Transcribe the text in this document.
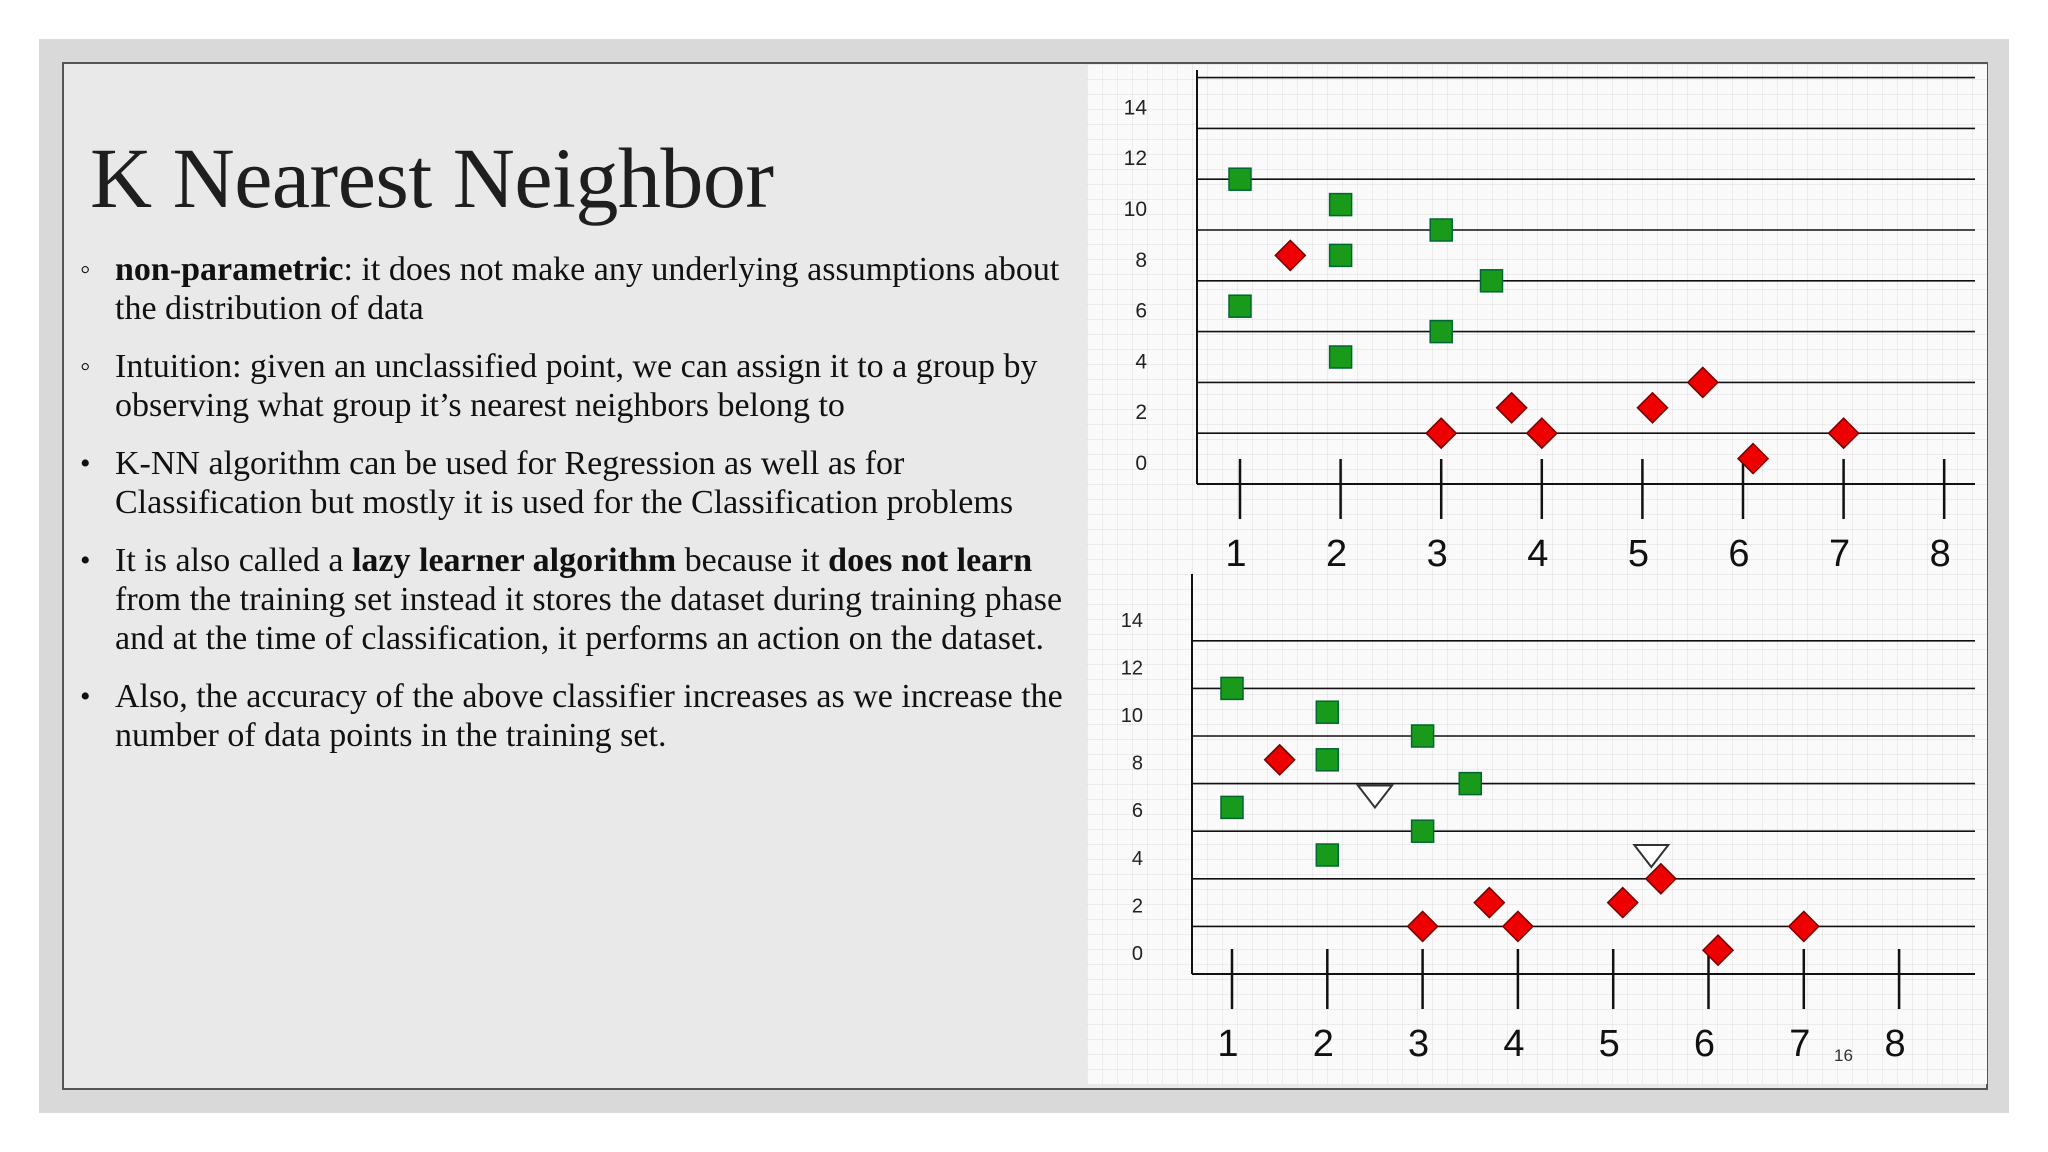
K Nearest Neighbor
◦ non-parametric: it does not make any underlying assumptions about the distribution of data
◦ Intuition: given an unclassified point, we can assign it to a group by observing what group it’s nearest neighbors belong to
• K-NN algorithm can be used for Regression as well as for Classification but mostly it is used for the Classification problems
• It is also called a lazy learner algorithm because it does not learn from the training set instead it stores the dataset during training phase and at the time of classification, it performs an action on the dataset.
• Also, the accuracy of the above classifier increases as we increase the number of data points in the training set.
0
2
4
6
8
10
12
14
1 2 3 4 5 6 7 8
0
2
4
6
8
10
12
14
1 2 3 4 5 6 7 8
16
